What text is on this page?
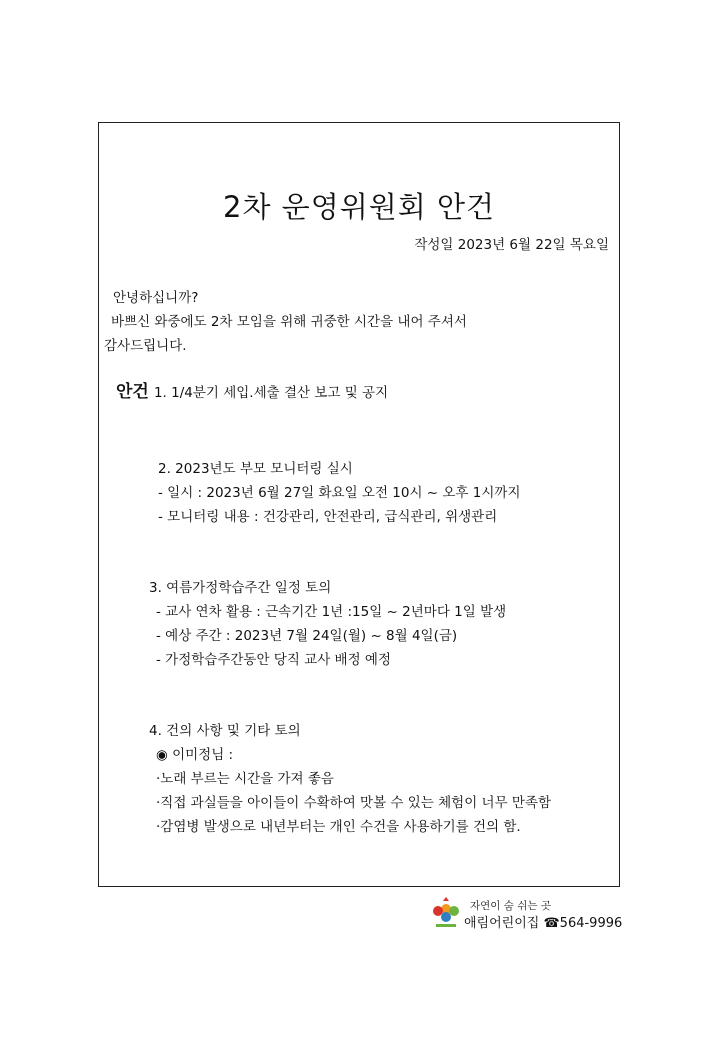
2차 운영위원회 안건
작성일 2023년 6월 22일 목요일
안녕하십니까?
바쁘신 와중에도 2차 모임을 위해 귀중한 시간을 내어 주셔서
감사드립니다.
안건 1. 1/4분기 세입.세출 결산 보고 및 공지
2. 2023년도 부모 모니터링 실시
- 일시 : 2023년 6월 27일 화요일 오전 10시 ~ 오후 1시까지
- 모니터링 내용 : 건강관리, 안전관리, 급식관리, 위생관리
3. 여름가정학습주간 일정 토의
- 교사 연차 활용 : 근속기간 1년 :15일 ~ 2년마다 1일 발생
- 예상 주간 : 2023년 7월 24일(월) ~ 8월 4일(금)
- 가정학습주간동안 당직 교사 배정 예정
4. 건의 사항 및 기타 토의
◉ 이미정님 :
·노래 부르는 시간을 가져 좋음
·직접 과실들을 아이들이 수확하여 맛볼 수 있는 체험이 너무 만족함
·감염병 발생으로 내년부터는 개인 수건을 사용하기를 건의 함.
자연이 숨 쉬는 곳
애림어린이집 ☎564-9996
